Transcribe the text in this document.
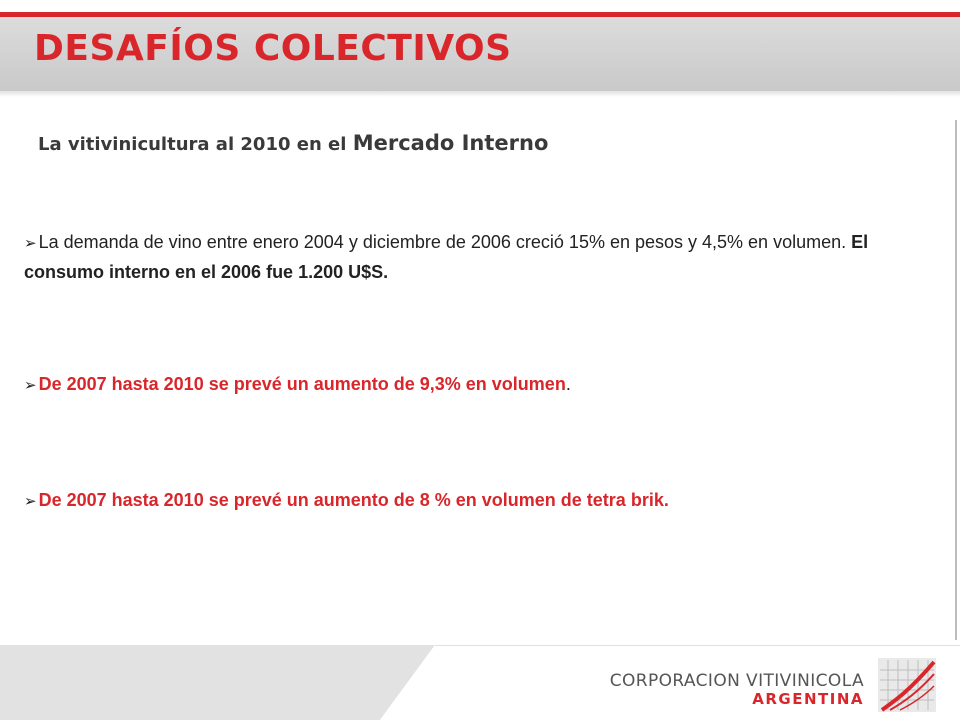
DESAFÍOS COLECTIVOS
La vitivinicultura al 2010 en el Mercado Interno
➢ La demanda de vino entre enero 2004 y diciembre de 2006 creció 15% en pesos y 4,5% en volumen. El consumo interno en el 2006 fue 1.200 U$S.
➢ De 2007 hasta 2010 se prevé un aumento de 9,3% en volumen.
➢ De 2007 hasta 2010 se prevé un aumento de 8 % en volumen de tetra brik.
CORPORACION VITIVINICOLA
ARGENTINA
